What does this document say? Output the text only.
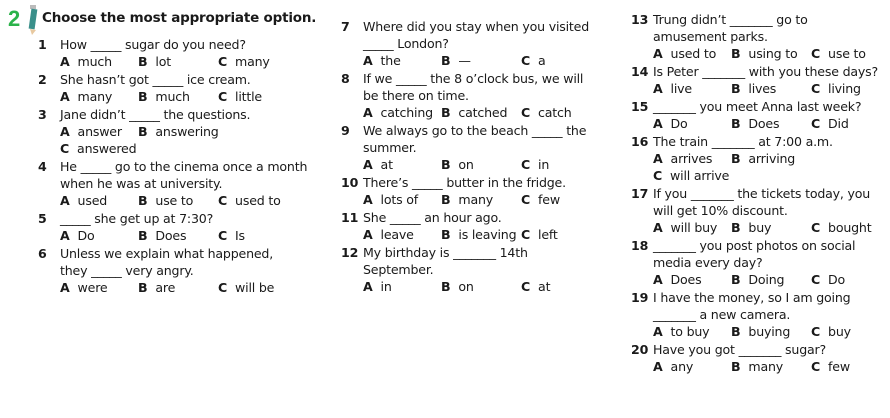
2 Choose the most appropriate option.
1	How _____ sugar do you need?
A much B lot	C many
2	She hasn’t got _____ ice cream.
A many B much C little
3	Jane didn’t _____ the questions.
A answer B answering
C answered
4	He _____ go to the cinema once a month
when he was at university.
A used B use to C used to
5	_____ she get up at 7:30?
A Do	B Does	C Is
6	Unless we explain what happened,
they _____ very angry.
A were B are	C will be
7	Where did you stay when you visited
_____ London?
A the	B —	C a
8	If we _____ the 8 o’clock bus, we will
be there on time.
A catching B catched C catch
9	We always go to the beach _____ the
summer.
A at	B on	C in
10 There’s _____ butter in the fridge.
A lots of B many C few
11 She _____ an hour ago.
A leave B is leaving C left
12 My birthday is _______ 14th
September.
A in	B on	C at
13 Trung didn’t _______ go to
amusement parks.
A used to B using to C use to
14 Is Peter _______ with you these days?
A live	B lives	C living
15 _______ you meet Anna last week?
A Do	B Does	C Did
16 The train _______ at 7:00 a.m.
A arrives B arriving
C will arrive
17 If you _______ the tickets today, you
will get 10% discount.
A will buy B buy	C bought
18 _______ you post photos on social
media every day?
A Does B Doing C Do
19 I have the money, so I am going
_______ a new camera.
A to buy B buying C buy
20 Have you got _______ sugar?
A any	B many C few
